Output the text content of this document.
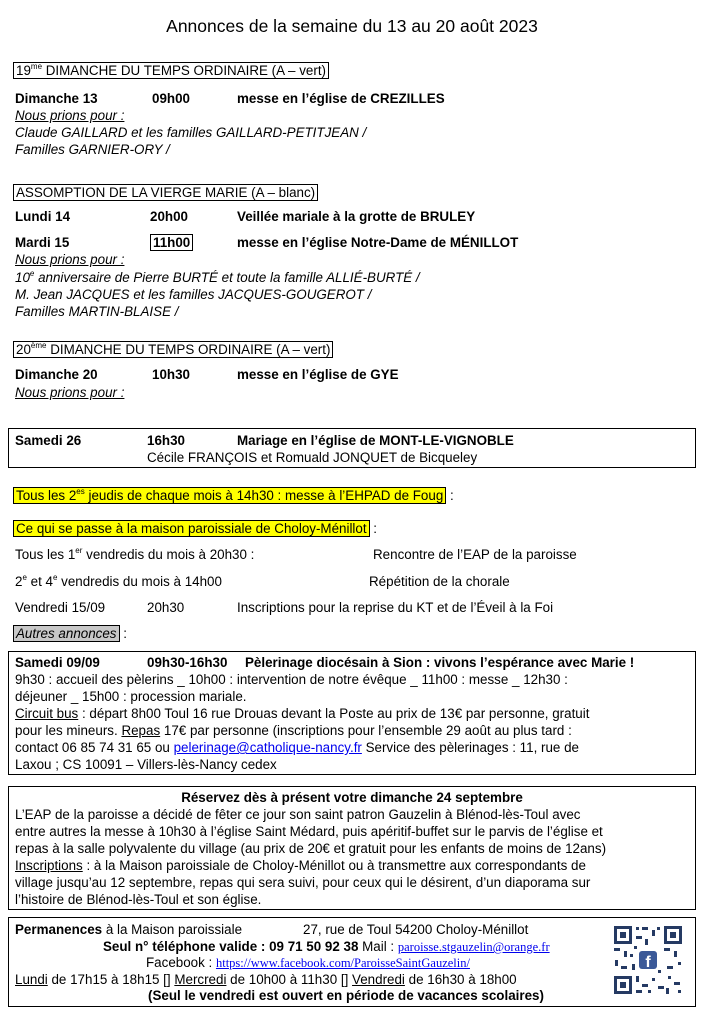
Annonces de la semaine du 13 au 20 août 2023
$19^{me}$ DIMANCHE DU TEMPS ORDINAIRE (A – vert)
Dimanche 13	09h00	messe en l’église de CREZILLES
Nous prions pour :
Claude GAILLARD et les familles GAILLARD-PETITJEAN /
Familles GARNIER-ORY /
ASSOMPTION DE LA VIERGE MARIE (A – blanc)
Lundi 14	20h00	Veillée mariale à la grotte de BRULEY
Mardi 15	11h00	messe en l’église Notre-Dame de MÉNILLOT
Nous prions pour :
10e anniversaire de Pierre BURTÉ et toute la famille ALLIÉ-BURTÉ /
M. Jean JACQUES et les familles JACQUES-GOUGEROT /
Familles MARTIN-BLAISE /
20ème DIMANCHE DU TEMPS ORDINAIRE (A – vert)
Dimanche 20	10h30	messe en l’église de GYE
Nous prions pour :
Samedi 26	16h30	Mariage en l’église de MONT-LE-VIGNOBLE
Cécile FRANÇOIS et Romuald JONQUET de Bicqueley
Tous les $2^{es}$ jeudis de chaque mois à 14h30 : messe à l’EHPAD de Foug :
Ce qui se passe à la maison paroissiale de Choloy-Ménillot :
Tous les 1er vendredis du mois à 20h30 :	Rencontre de l’EAP de la paroisse
2e et 4e vendredis du mois à 14h00	Répétition de la chorale
Vendredi 15/09	20h30	Inscriptions pour la reprise du KT et de l’Éveil à la Foi
Autres annonces :
Samedi 09/09	09h30-16h30 Pèlerinage diocésain à Sion : vivons l’espérance avec Marie !
9h30 : accueil des pèlerins _ 10h00 : intervention de notre évêque _ 11h00 : messe _ 12h30 :
déjeuner _ 15h00 : procession mariale.
Circuit bus : départ 8h00 Toul 16 rue Drouas devant la Poste au prix de 13€ par personne, gratuit
pour les mineurs. Repas 17€ par personne (inscriptions pour l’ensemble 29 août au plus tard :
contact 06 85 74 31 65 ou pelerinage@catholique-nancy.fr Service des pèlerinages : 11, rue de
Laxou ; CS 10091 – Villers-lès-Nancy cedex
Réservez dès à présent votre dimanche 24 septembre
L’EAP de la paroisse a décidé de fêter ce jour son saint patron Gauzelin à Blénod-lès-Toul avec
entre autres la messe à 10h30 à l’église Saint Médard, puis apéritif-buffet sur le parvis de l’église et
repas à la salle polyvalente du village (au prix de 20€ et gratuit pour les enfants de moins de 12ans)
Inscriptions : à la Maison paroissiale de Choloy-Ménillot ou à transmettre aux correspondants de
village jusqu’au 12 septembre, repas qui sera suivi, pour ceux qui le désirent, d’un diaporama sur
l’histoire de Blénod-lès-Toul et son église.
Permanences à la Maison paroissiale	27, rue de Toul 54200 Choloy-Ménillot
Seul n° téléphone valide : 09 71 50 92 38 Mail : paroisse.stgauzelin@orange.fr
Facebook : https://www.facebook.com/ParoisseSaintGauzelin/
Lundi de 17h15 à 18h15 [] Mercredi de 10h00 à 11h30 [] Vendredi de 16h30 à 18h00
(Seul le vendredi est ouvert en période de vacances scolaires)
f
